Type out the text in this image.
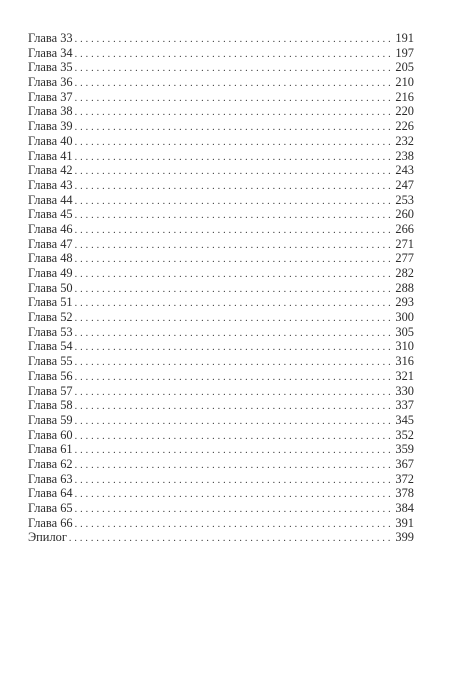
Глава 33 . . .	191
Глава 34 . . .	197
Глава 35 . . .	205
Глава 36 . . .	210
Глава 37 . . .	216
Глава 38 . . .	220
Глава 39 . . .	226
Глава 40 . . .	232
Глава 41 . . .	238
Глава 42 . . .	243
Глава 43 . . .	247
Глава 44 . . .	253
Глава 45 . . .	260
Глава 46 . . .	266
Глава 47 . . .	271
Глава 48 . . .	277
Глава 49 . . .	282
Глава 50 . . .	288
Глава 51 . . .	293
Глава 52 . . .	300
Глава 53 . . .	305
Глава 54 . . .	310
Глава 55 . . .	316
Глава 56 . . .	321
Глава 57 . . .	330
Глава 58 . . .	337
Глава 59 . . .	345
Глава 60 . . .	352
Глава 61 . . .	359
Глава 62 . . .	367
Глава 63 . . .	372
Глава 64 . . .	378
Глава 65 . . .	384
Глава 66 . . .	391
Эпилог . . .	399
